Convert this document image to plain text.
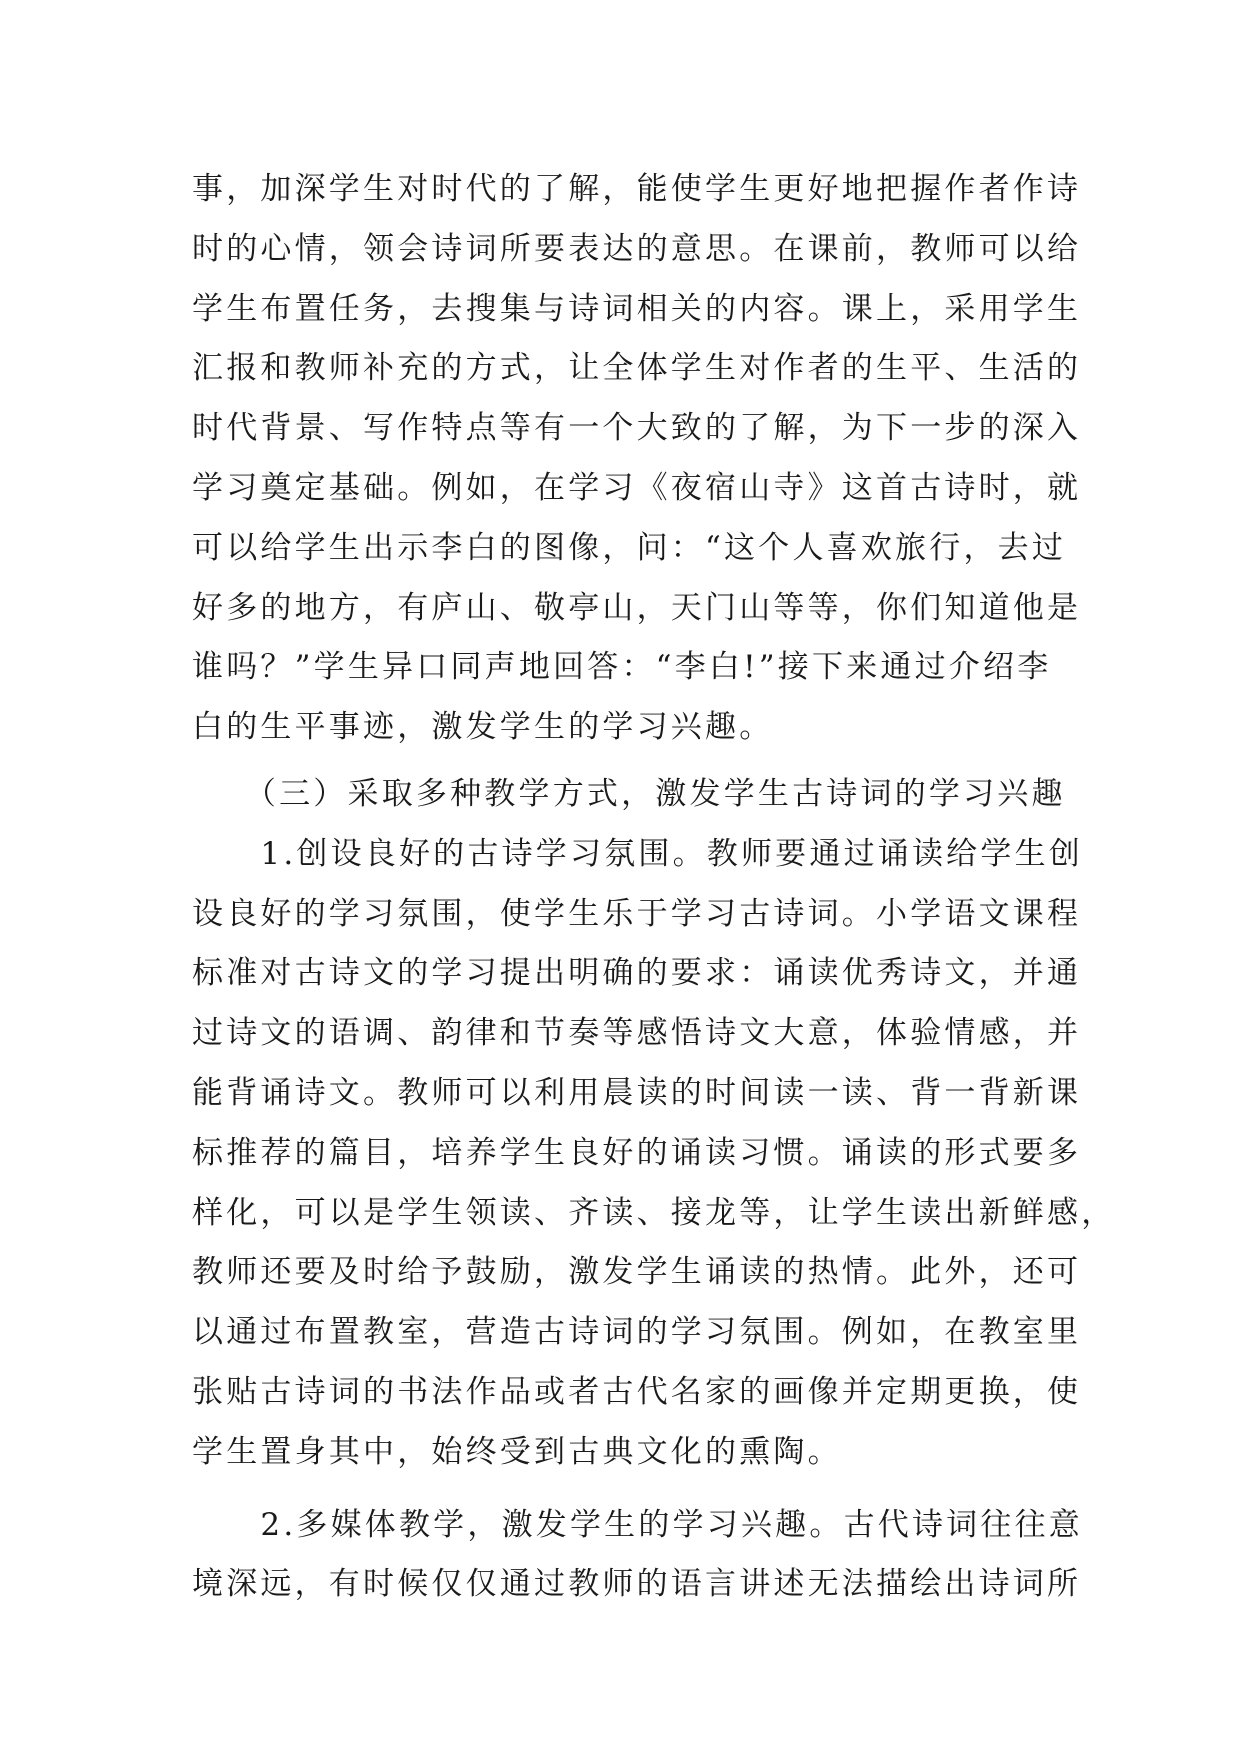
事，加深学生对时代的了解，能使学生更好地把握作者作诗
时的心情，领会诗词所要表达的意思。在课前，教师可以给
学生布置任务，去搜集与诗词相关的内容。课上，采用学生
汇报和教师补充的方式，让全体学生对作者的生平、生活的
时代背景、写作特点等有一个大致的了解，为下一步的深入
学习奠定基础。例如，在学习《夜宿山寺》这首古诗时，就
可以给学生出示李白的图像，问：“这个人喜欢旅行，去过
好多的地方，有庐山、敬亭山，天门山等等，你们知道他是
谁吗？”学生异口同声地回答：“李白!”接下来通过介绍李
白的生平事迹，激发学生的学习兴趣。
　　（三）采取多种教学方式，激发学生古诗词的学习兴趣
　　1.创设良好的古诗学习氛围。教师要通过诵读给学生创
设良好的学习氛围，使学生乐于学习古诗词。小学语文课程
标准对古诗文的学习提出明确的要求：诵读优秀诗文，并通
过诗文的语调、韵律和节奏等感悟诗文大意，体验情感，并
能背诵诗文。教师可以利用晨读的时间读一读、背一背新课
标推荐的篇目，培养学生良好的诵读习惯。诵读的形式要多
样化，可以是学生领读、齐读、接龙等，让学生读出新鲜感，
教师还要及时给予鼓励，激发学生诵读的热情。此外，还可
以通过布置教室，营造古诗词的学习氛围。例如，在教室里
张贴古诗词的书法作品或者古代名家的画像并定期更换，使
学生置身其中，始终受到古典文化的熏陶。
　　2.多媒体教学，激发学生的学习兴趣。古代诗词往往意
境深远，有时候仅仅通过教师的语言讲述无法描绘出诗词所
